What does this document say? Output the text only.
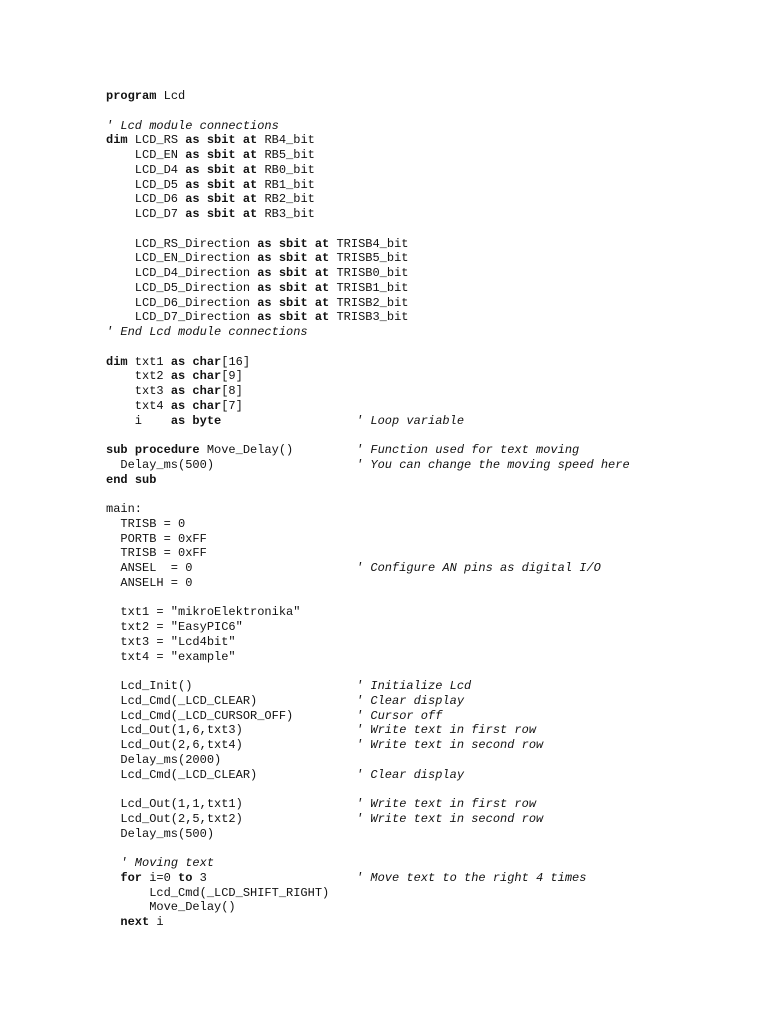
program Lcd
' Lcd module connections
dim LCD_RS as sbit at RB4_bit
LCD_EN as sbit at RB5_bit
LCD_D4 as sbit at RB0_bit
LCD_D5 as sbit at RB1_bit
LCD_D6 as sbit at RB2_bit
LCD_D7 as sbit at RB3_bit
LCD_RS_Direction as sbit at TRISB4_bit
LCD_EN_Direction as sbit at TRISB5_bit
LCD_D4_Direction as sbit at TRISB0_bit
LCD_D5_Direction as sbit at TRISB1_bit
LCD_D6_Direction as sbit at TRISB2_bit
LCD_D7_Direction as sbit at TRISB3_bit
' End Lcd module connections
dim txt1 as char[16]
txt2 as char[9]
txt3 as char[8]
txt4 as char[7]
i    as byte	' Loop variable
sub procedure Move_Delay()	' Function used for text moving
Delay_ms(500)	' You can change the moving speed here
end sub
main:
TRISB = 0
PORTB = 0xFF
TRISB = 0xFF
ANSEL  = 0	' Configure AN pins as digital I/O
ANSELH = 0
txt1 = "mikroElektronika"
txt2 = "EasyPIC6"
txt3 = "Lcd4bit"
txt4 = "example"
Lcd_Init()	' Initialize Lcd
Lcd_Cmd(_LCD_CLEAR)	' Clear display
Lcd_Cmd(_LCD_CURSOR_OFF)	' Cursor off
Lcd_Out(1,6,txt3)	' Write text in first row
Lcd_Out(2,6,txt4)	' Write text in second row
Delay_ms(2000)
Lcd_Cmd(_LCD_CLEAR)	' Clear display
Lcd_Out(1,1,txt1)	' Write text in first row
Lcd_Out(2,5,txt2)	' Write text in second row
Delay_ms(500)
' Moving text
for i=0 to 3	' Move text to the right 4 times
Lcd_Cmd(_LCD_SHIFT_RIGHT)
Move_Delay()
next i
